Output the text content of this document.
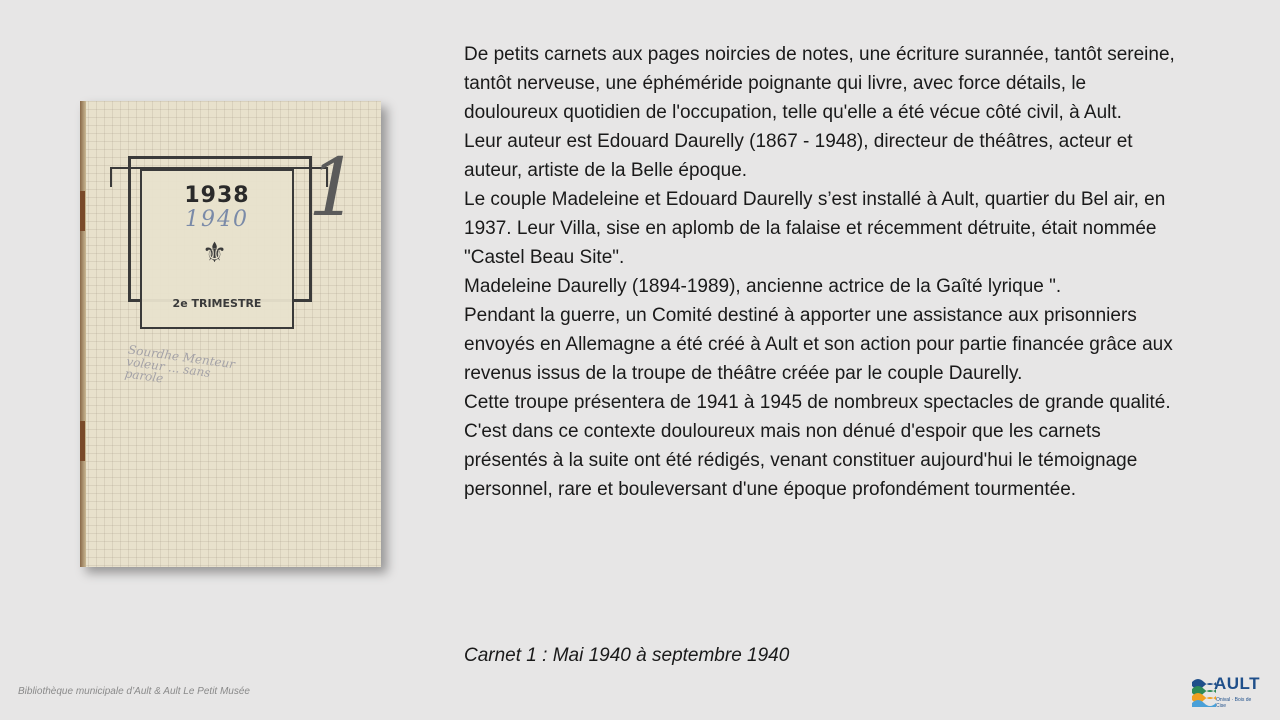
1938
1940
⚜
2e TRIMESTRE
1
Sourdhe Menteur voleur ... sans parole

De petits carnets aux pages noircies de notes, une écriture surannée, tantôt sereine, tantôt nerveuse, une éphéméride poignante qui livre, avec force détails, le douloureux quotidien de l'occupation, telle qu'elle a été vécue côté civil, à Ault.

Leur auteur est Edouard Daurelly (1867 - 1948), directeur de théâtres, acteur et auteur, artiste de la Belle époque.

Le couple Madeleine et Edouard Daurelly s’est installé à Ault, quartier du Bel air, en 1937. Leur Villa, sise en aplomb de la falaise et récemment détruite, était nommée "Castel Beau Site".

Madeleine Daurelly (1894-1989), ancienne actrice de la Gaîté lyrique ".

Pendant la guerre, un Comité destiné à apporter une assistance aux prisonniers envoyés en Allemagne a été créé à Ault et son action pour partie financée grâce aux revenus issus de la troupe de théâtre créée par le couple Daurelly.

Cette troupe présentera de 1941 à 1945 de nombreux spectacles de grande qualité.

C'est dans ce contexte douloureux mais non dénué d'espoir que les carnets présentés à la suite ont été rédigés, venant constituer aujourd'hui le témoignage personnel, rare et bouleversant d'une époque profondément tourmentée.

Carnet 1 : Mai 1940 à septembre 1940
Bibliothèque municipale d’Ault & Ault Le Petit Musée	AULT
Onival · Bois de Cise
